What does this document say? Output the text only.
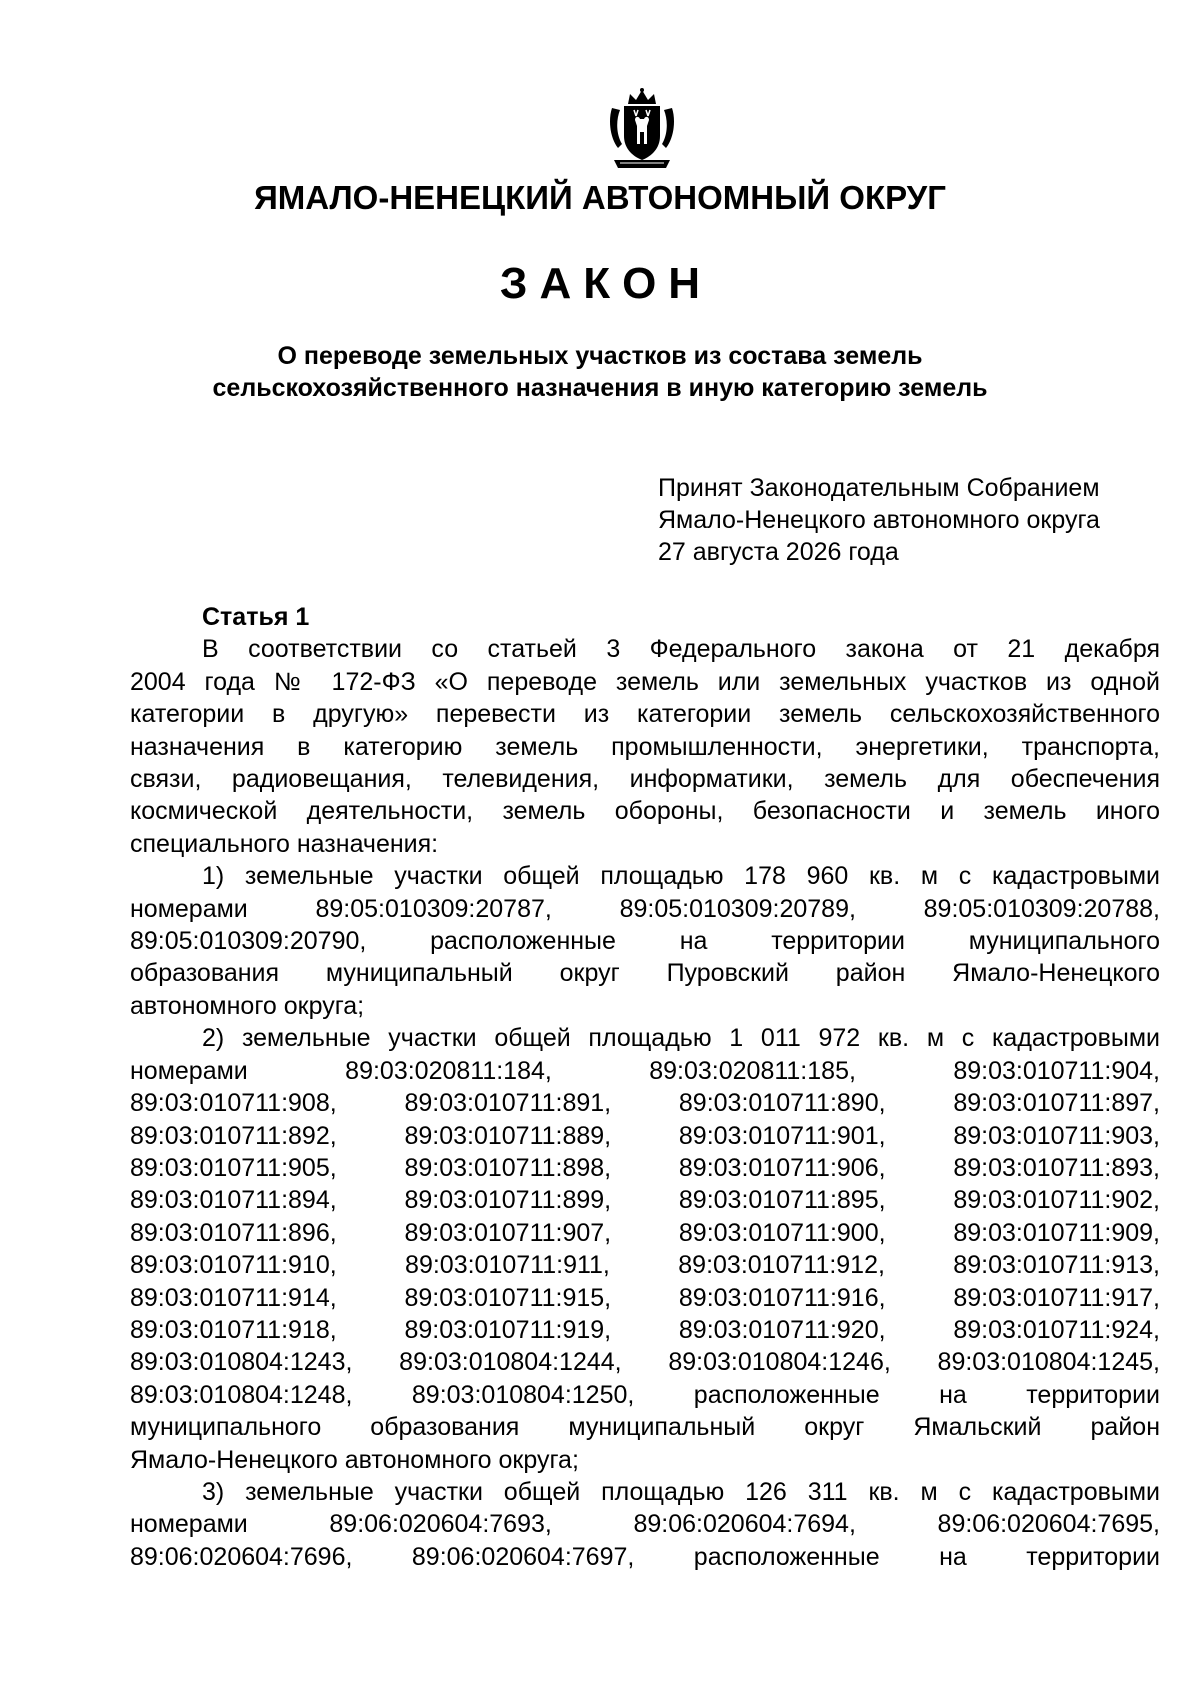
ЯМАЛО-НЕНЕЦКИЙ АВТОНОМНЫЙ ОКРУГ
ЗАКОН
О переводе земельных участков из состава земель
сельскохозяйственного назначения в иную категорию земель
Принят Законодательным Собранием
Ямало-Ненецкого автономного округа
27 августа 2026 года
Статья 1
В соответствии со статьей 3 Федерального закона от 21 декабря
2004 года № 172-ФЗ «О переводе земель или земельных участков из одной
категории в другую» перевести из категории земель сельскохозяйственного
назначения в категорию земель промышленности, энергетики, транспорта,
связи, радиовещания, телевидения, информатики, земель для обеспечения
космической деятельности, земель обороны, безопасности и земель иного
специального назначения:
1) земельные участки общей площадью 178 960 кв. м с кадастровыми
номерами 89:05:010309:20787, 89:05:010309:20789, 89:05:010309:20788,
89:05:010309:20790, расположенные на территории муниципального
образования муниципальный округ Пуровский район Ямало-Ненецкого
автономного округа;
2) земельные участки общей площадью 1 011 972 кв. м с кадастровыми
номерами 89:03:020811:184, 89:03:020811:185, 89:03:010711:904,
89:03:010711:908, 89:03:010711:891, 89:03:010711:890, 89:03:010711:897,
89:03:010711:892, 89:03:010711:889, 89:03:010711:901, 89:03:010711:903,
89:03:010711:905, 89:03:010711:898, 89:03:010711:906, 89:03:010711:893,
89:03:010711:894, 89:03:010711:899, 89:03:010711:895, 89:03:010711:902,
89:03:010711:896, 89:03:010711:907, 89:03:010711:900, 89:03:010711:909,
89:03:010711:910, 89:03:010711:911, 89:03:010711:912, 89:03:010711:913,
89:03:010711:914, 89:03:010711:915, 89:03:010711:916, 89:03:010711:917,
89:03:010711:918, 89:03:010711:919, 89:03:010711:920, 89:03:010711:924,
89:03:010804:1243, 89:03:010804:1244, 89:03:010804:1246, 89:03:010804:1245,
89:03:010804:1248, 89:03:010804:1250, расположенные на территории
муниципального образования муниципальный округ Ямальский район
Ямало-Ненецкого автономного округа;
3) земельные участки общей площадью 126 311 кв. м с кадастровыми
номерами 89:06:020604:7693, 89:06:020604:7694, 89:06:020604:7695,
89:06:020604:7696, 89:06:020604:7697, расположенные на территории
